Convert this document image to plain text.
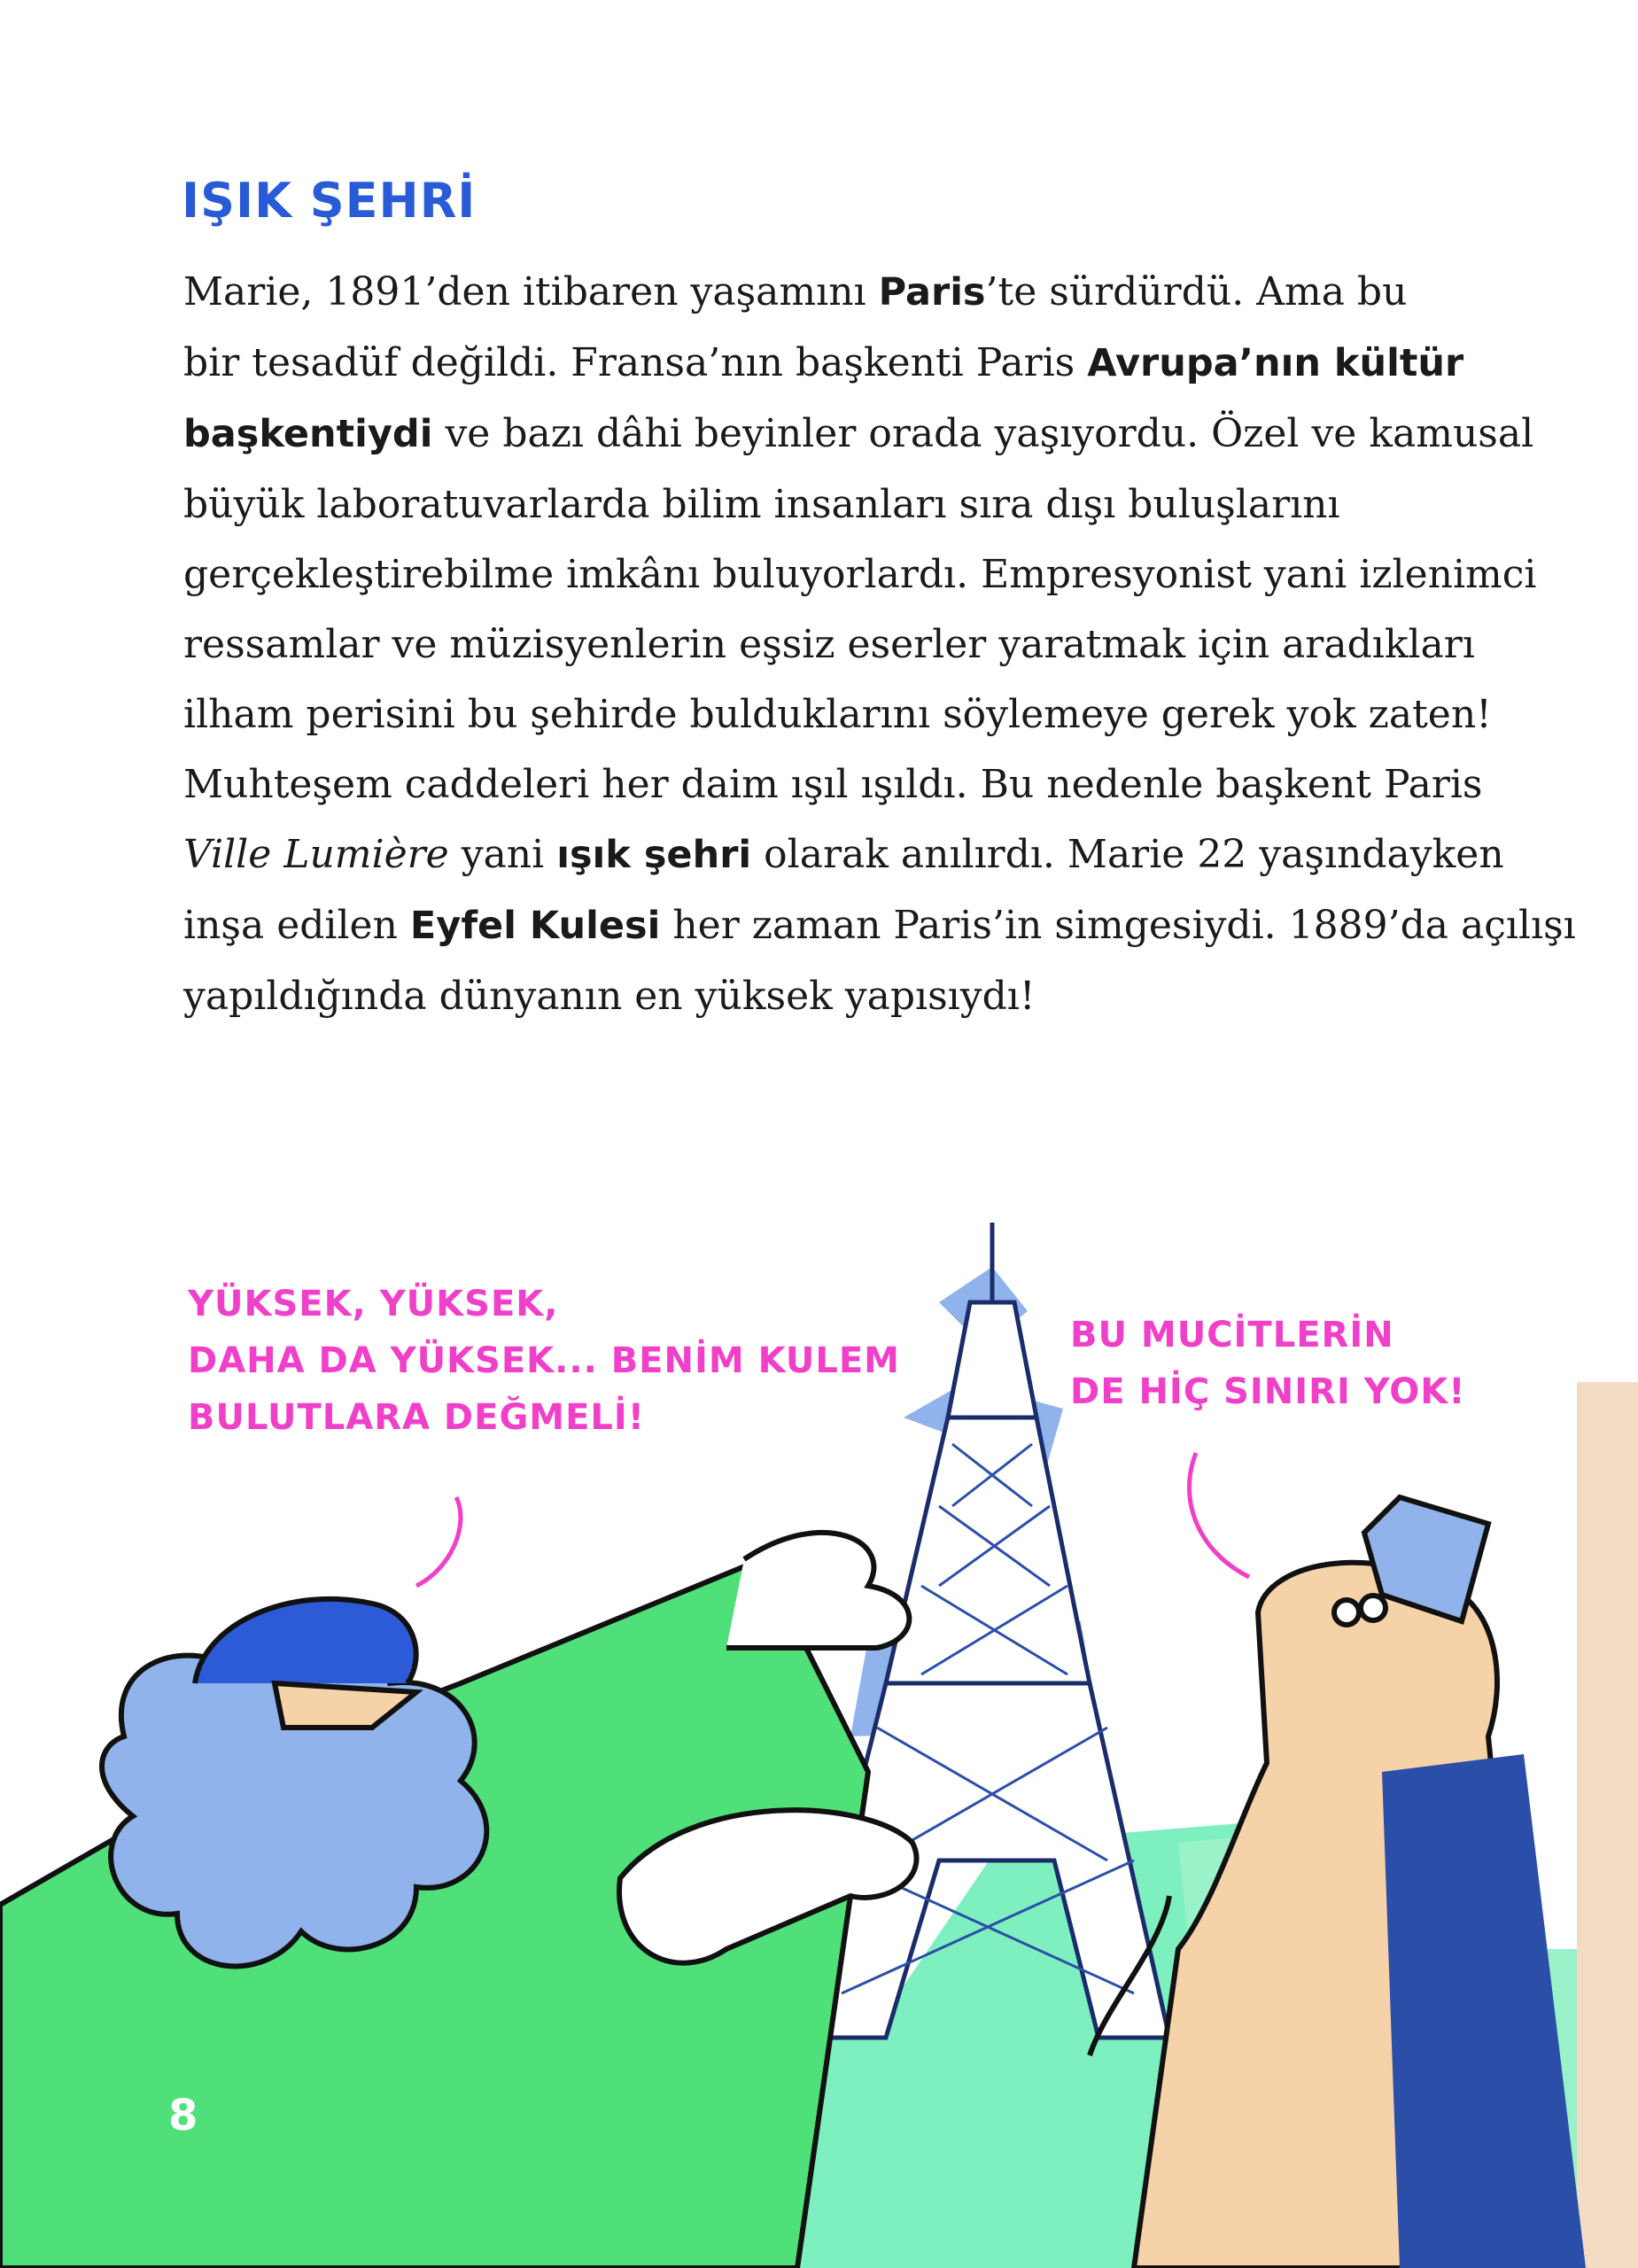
IŞIK ŞEHRİ
Marie, 1891’den itibaren yaşamını Paris’te sürdürdü. Ama bu
bir tesadüf değildi. Fransa’nın başkenti Paris Avrupa’nın kültür
başkentiydi ve bazı dâhi beyinler orada yaşıyordu. Özel ve kamusal
büyük laboratuvarlarda bilim insanları sıra dışı buluşlarını
gerçekleştirebilme imkânı buluyorlardı. Empresyonist yani izlenimci
ressamlar ve müzisyenlerin eşsiz eserler yaratmak için aradıkları
ilham perisini bu şehirde bulduklarını söylemeye gerek yok zaten!
Muhteşem caddeleri her daim ışıl ışıldı. Bu nedenle başkent Paris
Ville Lumière yani ışık şehri olarak anılırdı. Marie 22 yaşındayken
inşa edilen Eyfel Kulesi her zaman Paris’in simgesiydi. 1889’da açılışı
yapıldığında dünyanın en yüksek yapısıydı!
YÜKSEK, YÜKSEK,
DAHA DA YÜKSEK... BENİM KULEM
BULUTLARA DEĞMELİ!
BU MUCİTLERİN
DE HİÇ SINIRI YOK!
8
